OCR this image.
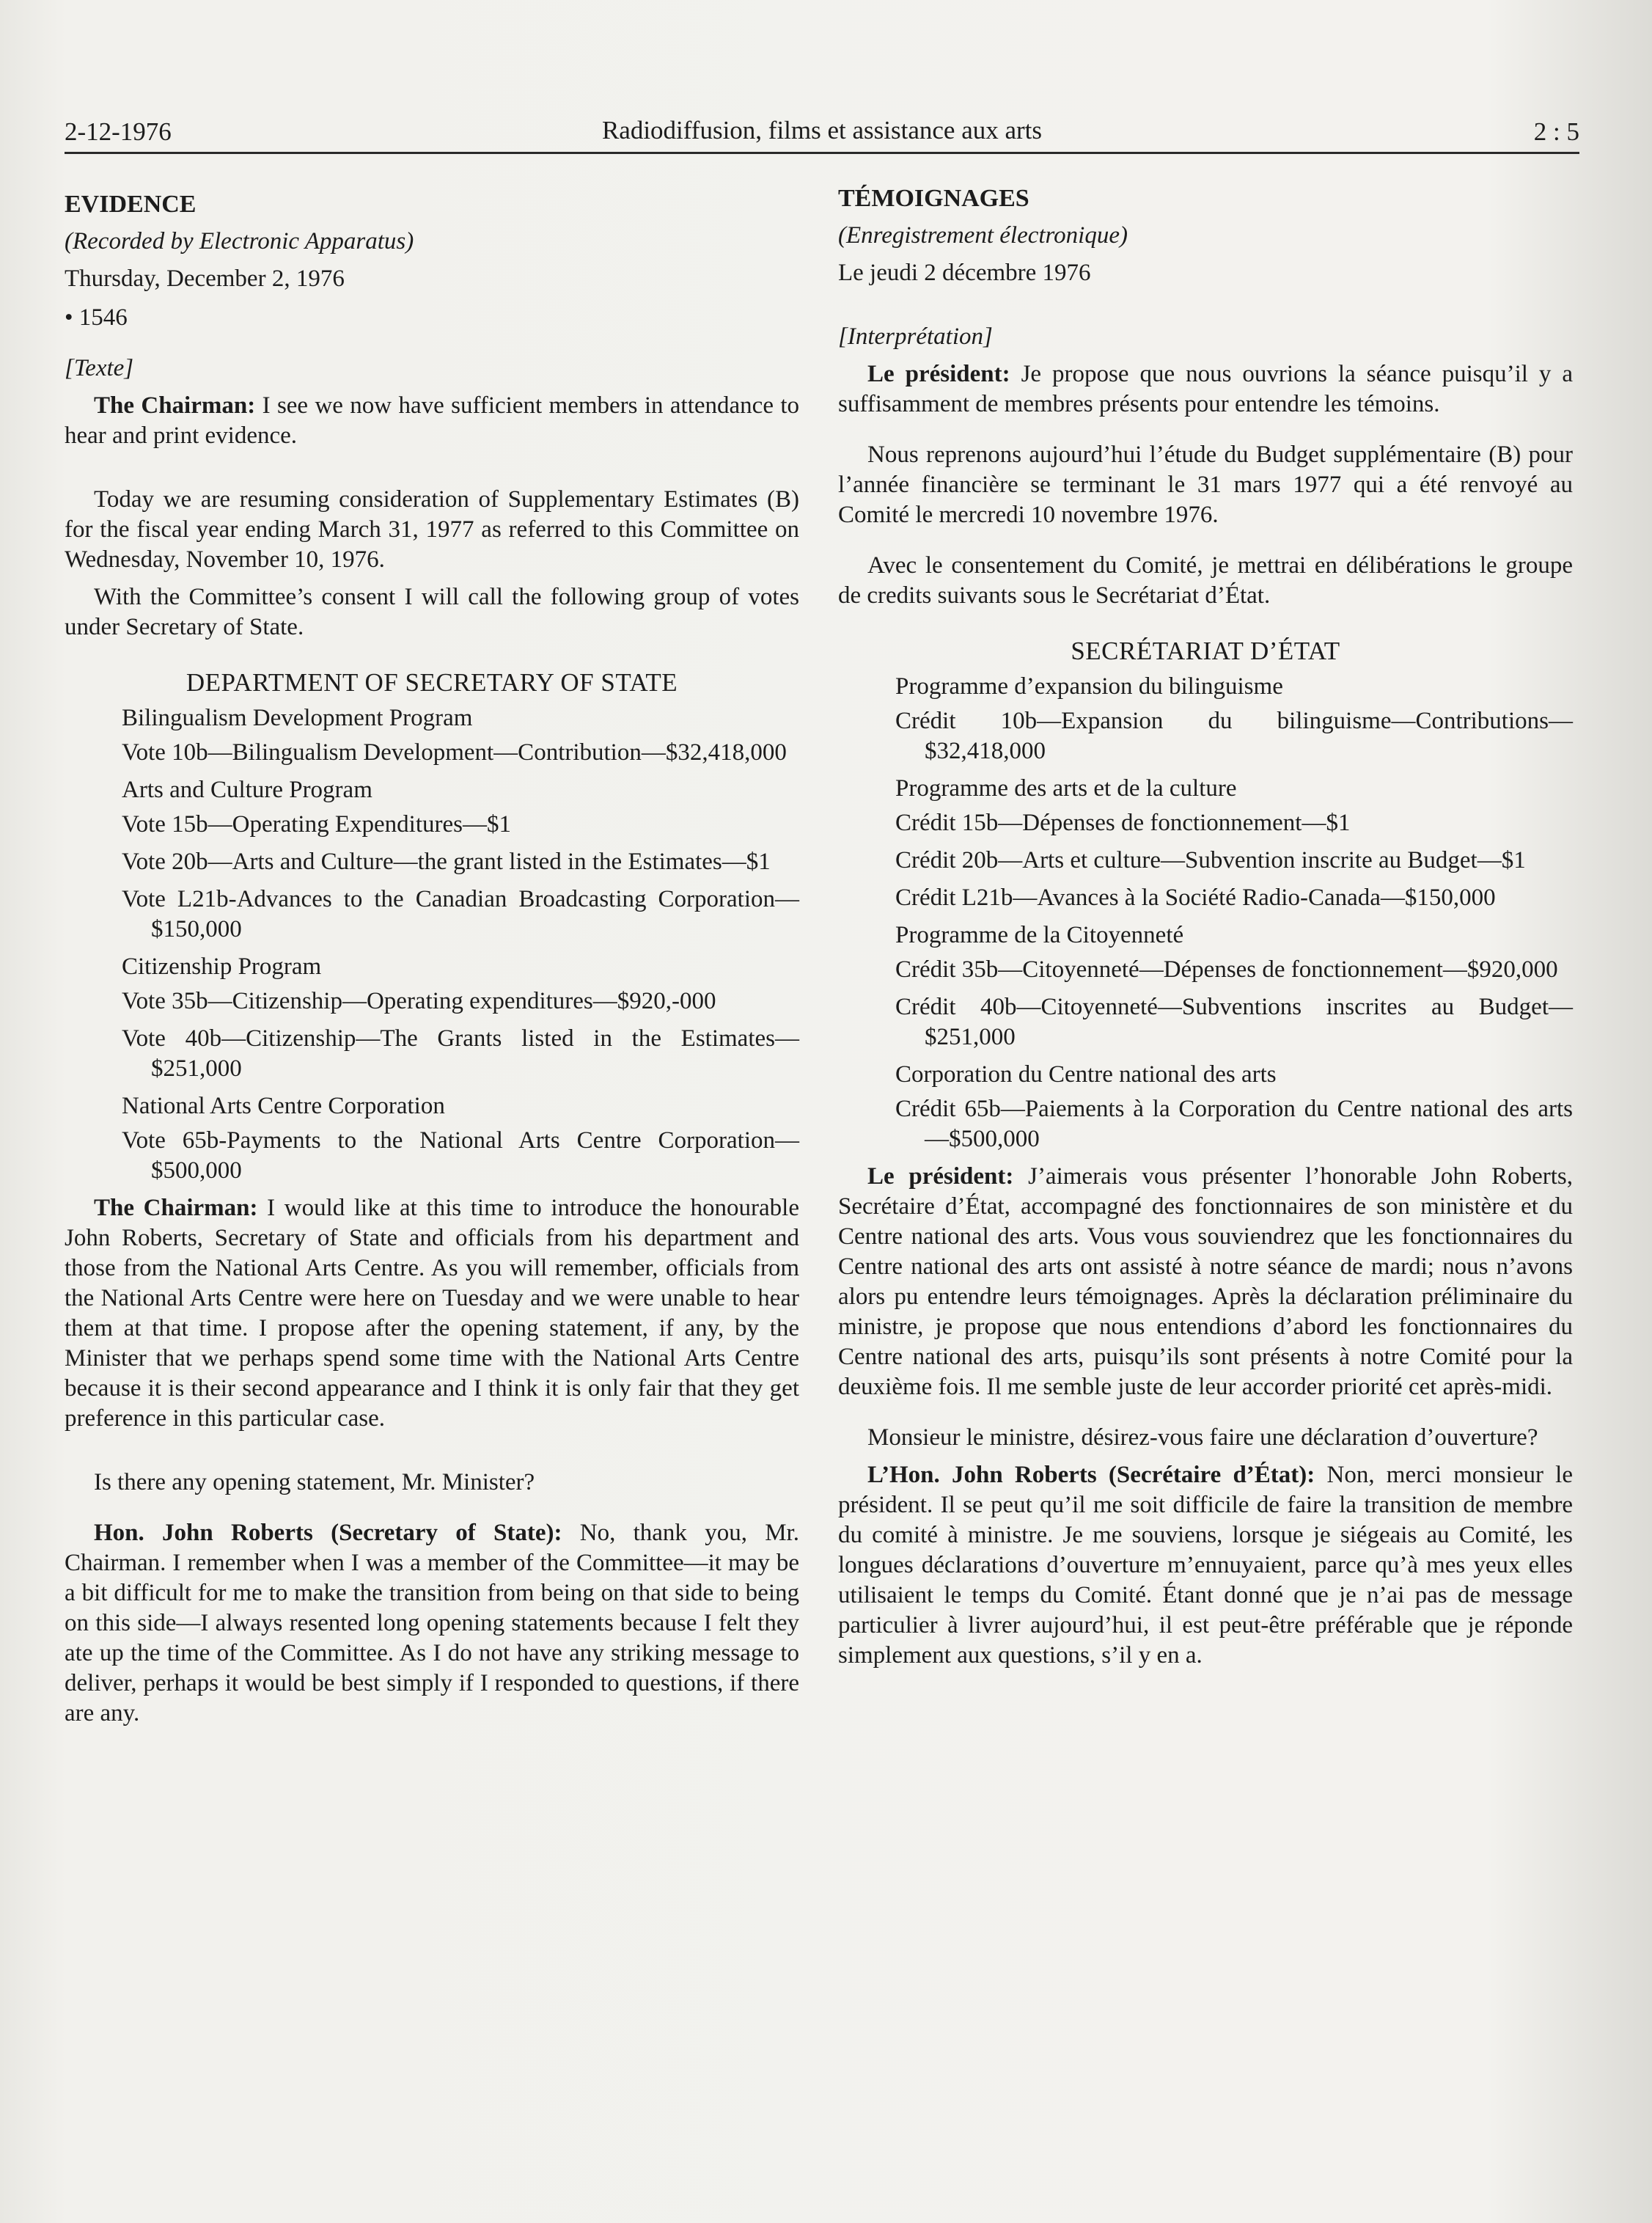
2-12-1976	Radiodiffusion, films et assistance aux arts	2 : 5
EVIDENCE

(Recorded by Electronic Apparatus)

Thursday, December 2, 1976

• 1546

[Texte]

The Chairman: I see we now have sufficient members in attendance to hear and print evidence.

Today we are resuming consideration of Supplementary Estimates (B) for the fiscal year ending March 31, 1977 as referred to this Committee on Wednesday, November 10, 1976.

With the Committee’s consent I will call the following group of votes under Secretary of State.

DEPARTMENT OF SECRETARY OF STATE
Bilingualism Development Program
Vote 10b—Bilingualism Development—Contribution—$32,418,000
Arts and Culture Program
Vote 15b—Operating Expenditures—$1
Vote 20b—Arts and Culture—the grant listed in the Estimates—$1
Vote L21b-Advances to the Canadian Broadcasting Corporation—$150,000
Citizenship Program
Vote 35b—Citizenship—Operating expenditures—$920,-000
Vote 40b—Citizenship—The Grants listed in the Estimates—$251,000
National Arts Centre Corporation
Vote 65b-Payments to the National Arts Centre Corporation—$500,000

The Chairman: I would like at this time to introduce the honourable John Roberts, Secretary of State and officials from his department and those from the National Arts Centre. As you will remember, officials from the National Arts Centre were here on Tuesday and we were unable to hear them at that time. I propose after the opening statement, if any, by the Minister that we perhaps spend some time with the National Arts Centre because it is their second appearance and I think it is only fair that they get preference in this particular case.

Is there any opening statement, Mr. Minister?

Hon. John Roberts (Secretary of State): No, thank you, Mr. Chairman. I remember when I was a member of the Committee—it may be a bit difficult for me to make the transition from being on that side to being on this side—I always resented long opening statements because I felt they ate up the time of the Committee. As I do not have any striking message to deliver, perhaps it would be best simply if I responded to questions, if there are any.

TÉMOIGNAGES

(Enregistrement électronique)

Le jeudi 2 décembre 1976

[Interprétation]

Le président: Je propose que nous ouvrions la séance puisqu’il y a suffisamment de membres présents pour entendre les témoins.

Nous reprenons aujourd’hui l’étude du Budget supplémentaire (B) pour l’année financière se terminant le 31 mars 1977 qui a été renvoyé au Comité le mercredi 10 novembre 1976.

Avec le consentement du Comité, je mettrai en délibérations le groupe de credits suivants sous le Secrétariat d’État.

SECRÉTARIAT D’ÉTAT
Programme d’expansion du bilinguisme
Crédit 10b—Expansion du bilinguisme—Contributions—$32,418,000
Programme des arts et de la culture
Crédit 15b—Dépenses de fonctionnement—$1
Crédit 20b—Arts et culture—Subvention inscrite au Budget—$1
Crédit L21b—Avances à la Société Radio-Canada—$150,000
Programme de la Citoyenneté
Crédit 35b—Citoyenneté—Dépenses de fonctionnement—$920,000
Crédit 40b—Citoyenneté—Subventions inscrites au Budget—$251,000
Corporation du Centre national des arts
Crédit 65b—Paiements à la Corporation du Centre national des arts—$500,000

Le président: J’aimerais vous présenter l’honorable John Roberts, Secrétaire d’État, accompagné des fonctionnaires de son ministère et du Centre national des arts. Vous vous souviendrez que les fonctionnaires du Centre national des arts ont assisté à notre séance de mardi; nous n’avons alors pu entendre leurs témoignages. Après la déclaration préliminaire du ministre, je propose que nous entendions d’abord les fonctionnaires du Centre national des arts, puisqu’ils sont présents à notre Comité pour la deuxième fois. Il me semble juste de leur accorder priorité cet après-midi.

Monsieur le ministre, désirez-vous faire une déclaration d’ouverture?

L’Hon. John Roberts (Secrétaire d’État): Non, merci monsieur le président. Il se peut qu’il me soit difficile de faire la transition de membre du comité à ministre. Je me souviens, lorsque je siégeais au Comité, les longues déclarations d’ouverture m’ennuyaient, parce qu’à mes yeux elles utilisaient le temps du Comité. Étant donné que je n’ai pas de message particulier à livrer aujourd’hui, il est peut-être préférable que je réponde simplement aux questions, s’il y en a.
